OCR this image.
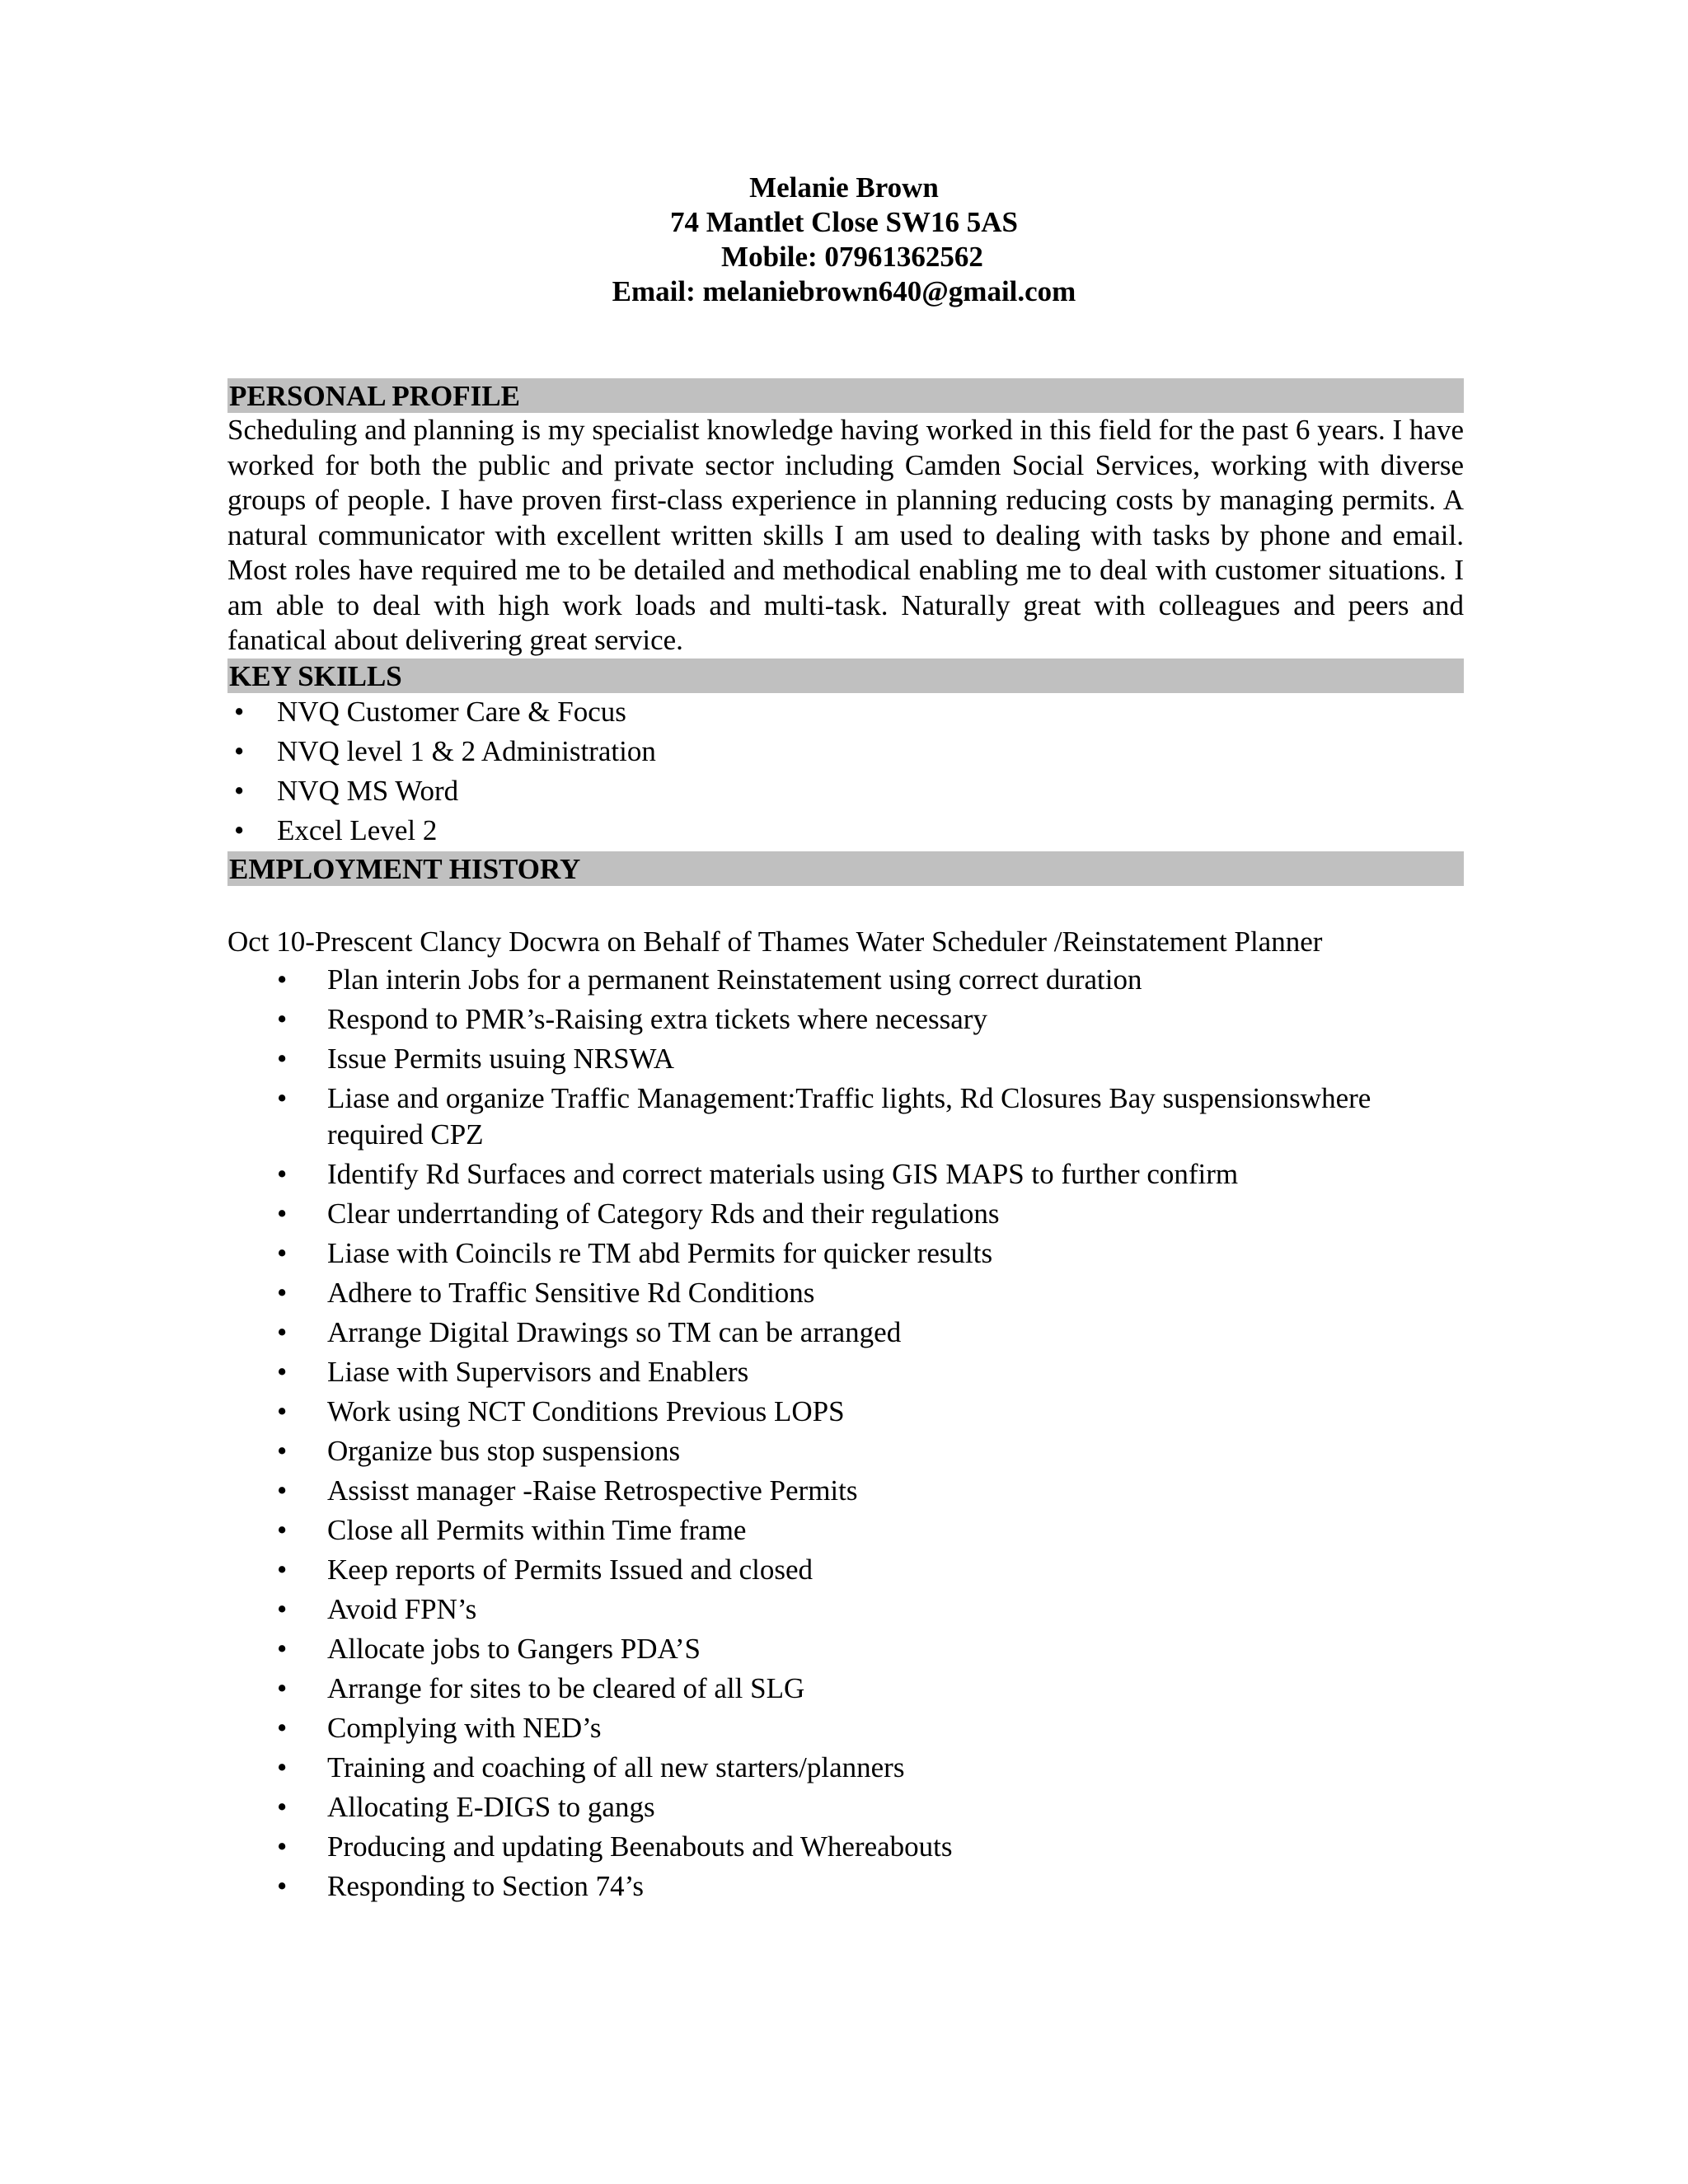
Melanie Brown
74 Mantlet Close SW16 5AS
Mobile: 07961362562
Email: melaniebrown640@gmail.com
PERSONAL PROFILE

Scheduling and planning is my specialist knowledge having worked in this field for the past 6 years. I have worked for both the public and private sector including Camden Social Services, working with diverse groups of people. I have proven first-class experience in planning reducing costs by managing permits. A natural communicator with excellent written skills I am used to dealing with tasks by phone and email. Most roles have required me to be detailed and methodical enabling me to deal with customer situations. I am able to deal with high work loads and multi-task. Naturally great with colleagues and peers and fanatical about delivering great service.

KEY SKILLS
• NVQ Customer Care & Focus
• NVQ level 1 & 2 Administration
• NVQ MS Word
• Excel Level 2
EMPLOYMENT HISTORY
Oct 10-Prescent Clancy Docwra on Behalf of Thames Water Scheduler /Reinstatement Planner
• Plan interin Jobs for a permanent Reinstatement using correct duration
• Respond to PMR’s-Raising extra tickets where necessary
• Issue Permits usuing NRSWA
• Liase and organize Traffic Management:Traffic lights, Rd Closures Bay suspensionswhere required CPZ
• Identify Rd Surfaces and correct materials using GIS MAPS to further confirm
• Clear underrtanding of Category Rds and their regulations
• Liase with Coincils re TM abd Permits for quicker results
• Adhere to Traffic Sensitive Rd Conditions
• Arrange Digital Drawings so TM can be arranged
• Liase with Supervisors and Enablers
• Work using NCT Conditions Previous LOPS
• Organize bus stop suspensions
• Assisst manager -Raise Retrospective Permits
• Close all Permits within Time frame
• Keep reports of Permits Issued and closed
• Avoid FPN’s
• Allocate jobs to Gangers PDA’S
• Arrange for sites to be cleared of all SLG
• Complying with NED’s
• Training and coaching of all new starters/planners
• Allocating E-DIGS to gangs
• Producing and updating Beenabouts and Whereabouts
• Responding to Section 74’s
